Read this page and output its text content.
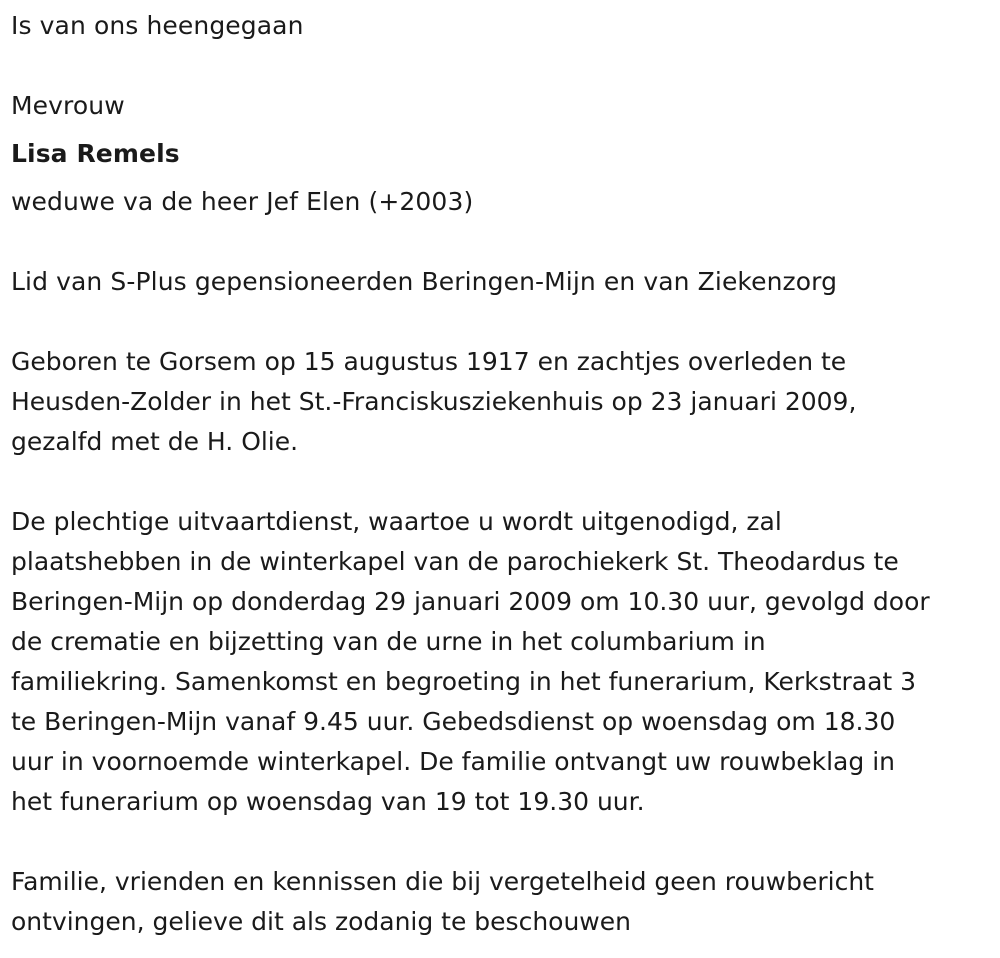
Is van ons heengegaan

Mevrouw

Lisa Remels

weduwe va de heer Jef Elen (+2003)

Lid van S-Plus gepensioneerden Beringen-Mijn en van Ziekenzorg

Geboren te Gorsem op 15 augustus 1917 en zachtjes overleden te

Heusden-Zolder in het St.-Franciskusziekenhuis op 23 januari 2009,

gezalfd met de H. Olie.

De plechtige uitvaartdienst, waartoe u wordt uitgenodigd, zal

plaatshebben in de winterkapel van de parochiekerk St. Theodardus te

Beringen-Mijn op donderdag 29 januari 2009 om 10.30 uur, gevolgd door

de crematie en bijzetting van de urne in het columbarium in

familiekring. Samenkomst en begroeting in het funerarium, Kerkstraat 3

te Beringen-Mijn vanaf 9.45 uur. Gebedsdienst op woensdag om 18.30

uur in voornoemde winterkapel. De familie ontvangt uw rouwbeklag in

het funerarium op woensdag van 19 tot 19.30 uur.

Familie, vrienden en kennissen die bij vergetelheid geen rouwbericht

ontvingen, gelieve dit als zodanig te beschouwen
